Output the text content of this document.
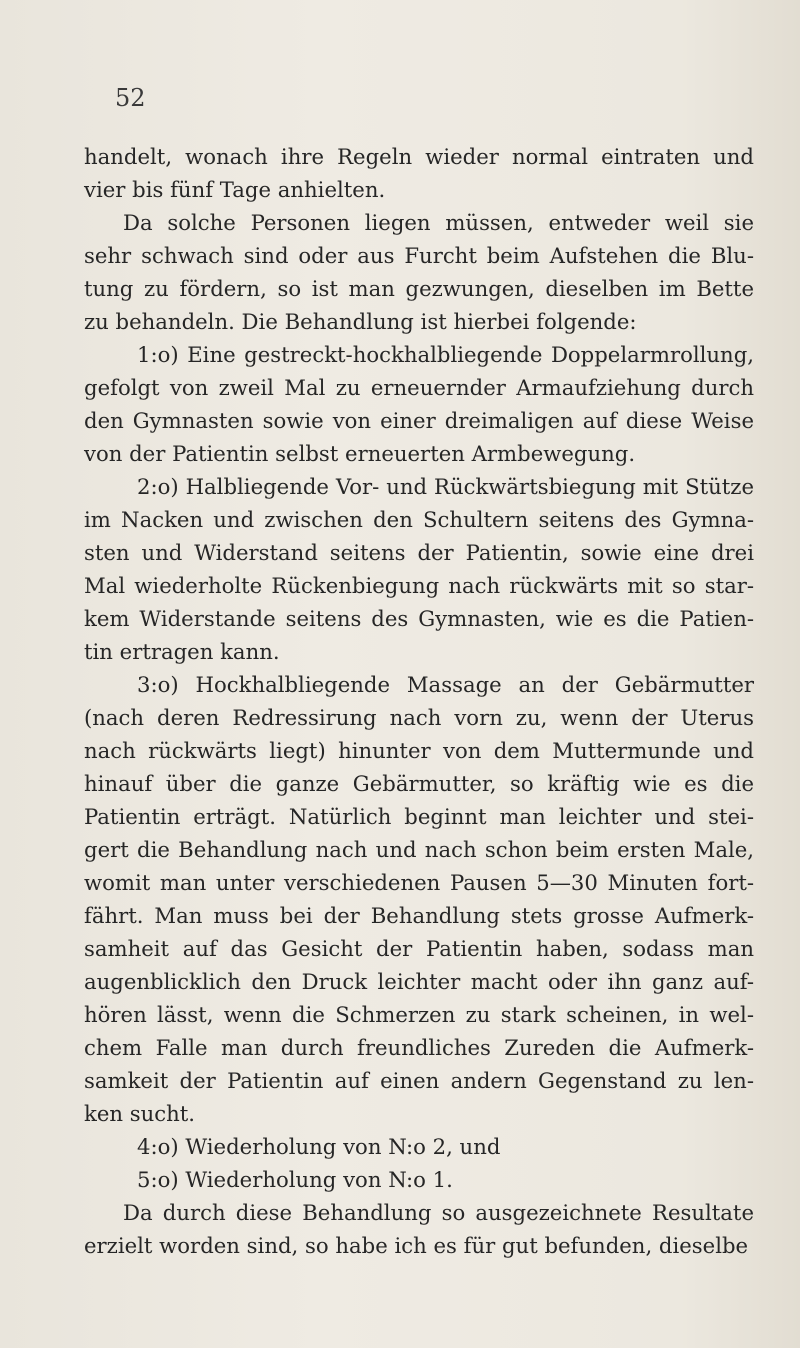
52
handelt, wonach ihre Regeln wieder normal eintraten und
vier bis fünf Tage anhielten.
Da solche Personen liegen müssen, entweder weil sie
sehr schwach sind oder aus Furcht beim Aufstehen die Blu-
tung zu fördern, so ist man gezwungen, dieselben im Bette
zu behandeln. Die Behandlung ist hierbei folgende:
1:o) Eine gestreckt-hockhalbliegende Doppelarmrollung,
gefolgt von zweil Mal zu erneuernder Armaufziehung durch
den Gymnasten sowie von einer dreimaligen auf diese Weise
von der Patientin selbst erneuerten Armbewegung.
2:o) Halbliegende Vor- und Rückwärtsbiegung mit Stütze
im Nacken und zwischen den Schultern seitens des Gymna-
sten und Widerstand seitens der Patientin, sowie eine drei
Mal wiederholte Rückenbiegung nach rückwärts mit so star-
kem Widerstande seitens des Gymnasten, wie es die Patien-
tin ertragen kann.
3:o) Hockhalbliegende Massage an der Gebärmutter
(nach deren Redressirung nach vorn zu, wenn der Uterus
nach rückwärts liegt) hinunter von dem Muttermunde und
hinauf über die ganze Gebärmutter, so kräftig wie es die
Patientin erträgt. Natürlich beginnt man leichter und stei-
gert die Behandlung nach und nach schon beim ersten Male,
womit man unter verschiedenen Pausen 5—30 Minuten fort-
fährt. Man muss bei der Behandlung stets grosse Aufmerk-
samheit auf das Gesicht der Patientin haben, sodass man
augenblicklich den Druck leichter macht oder ihn ganz auf-
hören lässt, wenn die Schmerzen zu stark scheinen, in wel-
chem Falle man durch freundliches Zureden die Aufmerk-
samkeit der Patientin auf einen andern Gegenstand zu len-
ken sucht.
4:o) Wiederholung von N:o 2, und
5:o) Wiederholung von N:o 1.
Da durch diese Behandlung so ausgezeichnete Resultate
erzielt worden sind, so habe ich es für gut befunden, dieselbe
